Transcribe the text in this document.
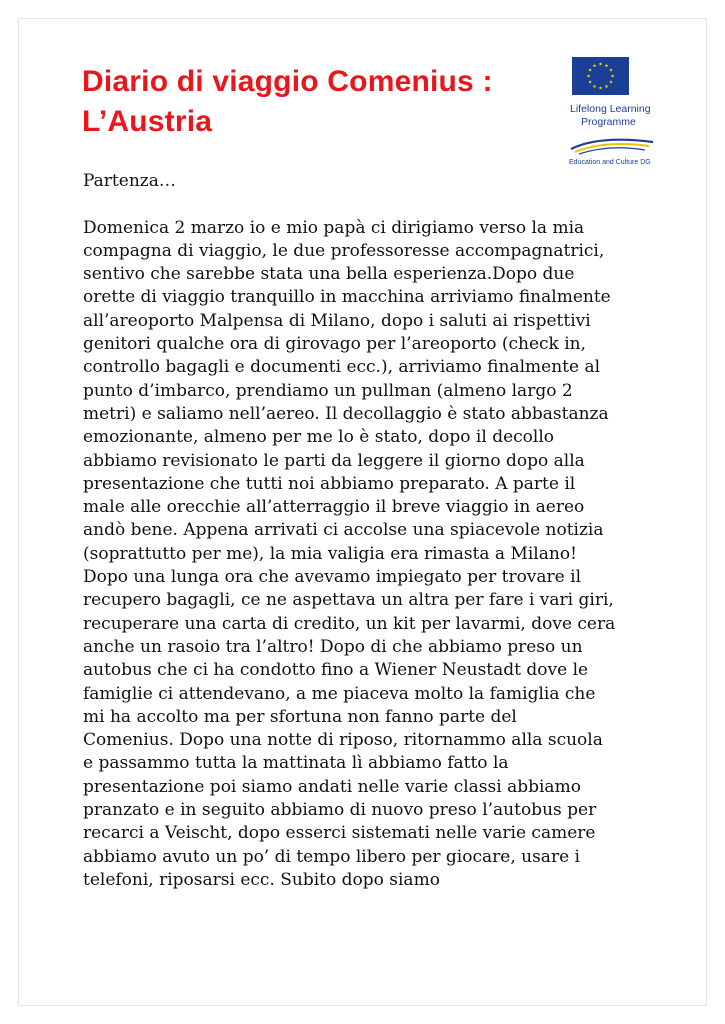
Diario di viaggio Comenius :
L’Austria	Lifelong Learning
Programme
Education and Culture DG

Partenza…

Domenica 2 marzo io e mio papà ci dirigiamo verso la mia

compagna di viaggio, le due professoresse accompagnatrici,

sentivo che sarebbe stata una bella esperienza.Dopo due

orette di viaggio tranquillo in macchina arriviamo finalmente

all’areoporto Malpensa di Milano, dopo i saluti ai rispettivi

genitori qualche ora di girovago per l’areoporto (check in,

controllo bagagli e documenti ecc.), arriviamo finalmente al

punto d’imbarco, prendiamo un pullman (almeno largo 2

metri) e saliamo nell’aereo. Il decollaggio è stato abbastanza

emozionante, almeno per me lo è stato, dopo il decollo

abbiamo revisionato le parti da leggere il giorno dopo alla

presentazione che tutti noi abbiamo preparato. A parte il

male alle orecchie all’atterraggio il breve viaggio in aereo

andò bene. Appena arrivati ci accolse una spiacevole notizia

(soprattutto per me), la mia valigia era rimasta a Milano!

Dopo una lunga ora che avevamo impiegato per trovare il

recupero bagagli, ce ne aspettava un altra per fare i vari giri,

recuperare una carta di credito, un kit per lavarmi, dove cera

anche un rasoio tra l’altro! Dopo di che abbiamo preso un

autobus che ci ha condotto fino a Wiener Neustadt dove le

famiglie ci attendevano, a me piaceva molto la famiglia che

mi ha accolto ma per sfortuna non fanno parte del

Comenius. Dopo una notte di riposo, ritornammo alla scuola

e passammo tutta la mattinata lì abbiamo fatto la

presentazione poi siamo andati nelle varie classi abbiamo

pranzato e in seguito abbiamo di nuovo preso l’autobus per

recarci a Veischt, dopo esserci sistemati nelle varie camere

abbiamo avuto un po’ di tempo libero per giocare, usare i

telefoni, riposarsi ecc. Subito dopo siamo
